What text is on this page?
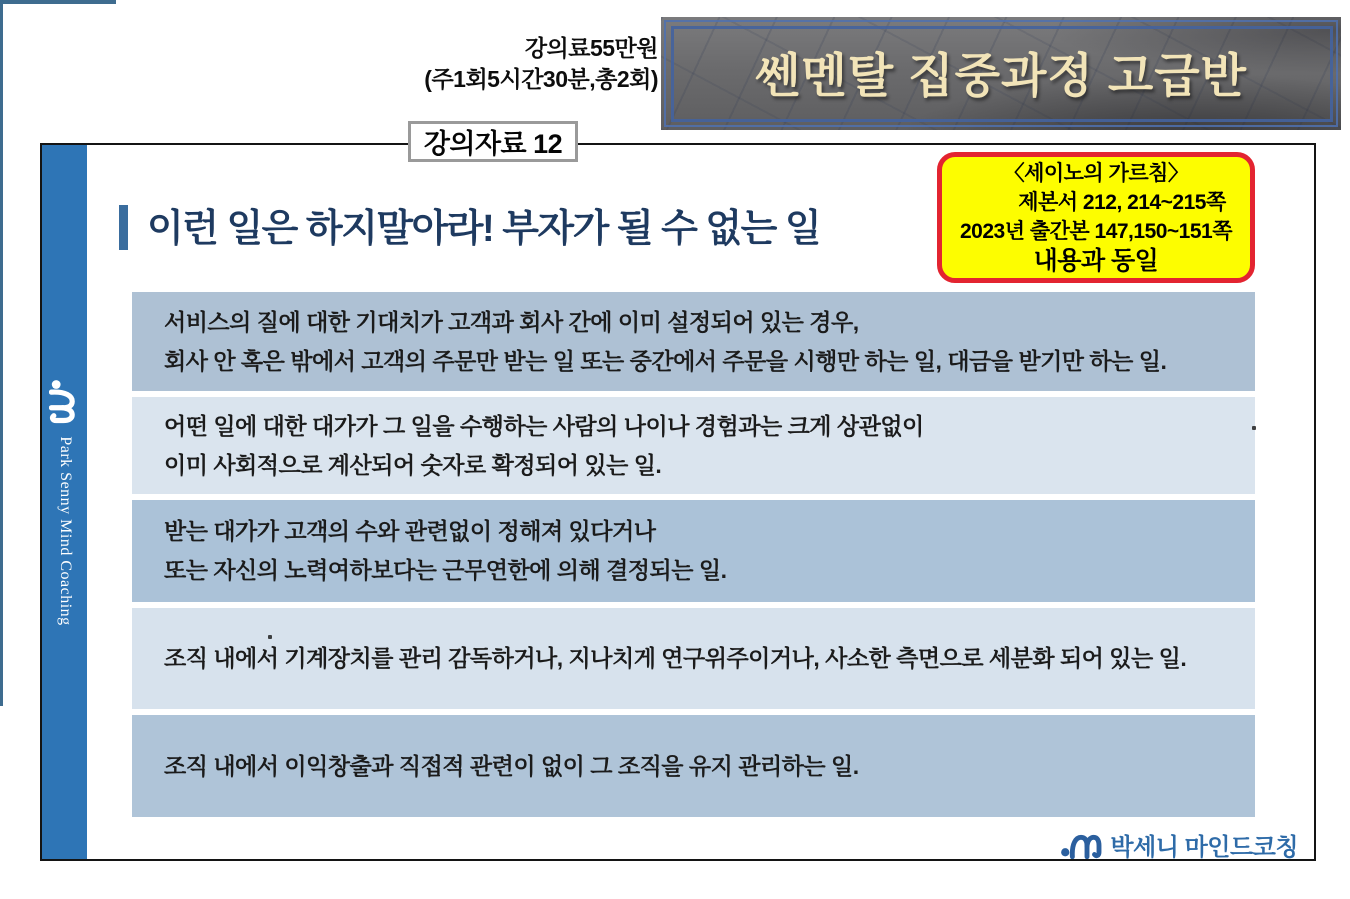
강의료55만원
(주1회5시간30분,총2회)	쎈멘탈 집중과정 고급반
강의자료 12
Park Senny Mind Coaching
이런 일은 하지말아라! 부자가 될 수 없는 일
〈세이노의 가르침〉
제본서 212, 214~215쪽
2023년 출간본 147,150~151쪽
내용과 동일
서비스의 질에 대한 기대치가 고객과 회사 간에 이미 설정되어 있는 경우,
회사 안 혹은 밖에서 고객의 주문만 받는 일 또는 중간에서 주문을 시행만 하는 일, 대금을 받기만 하는 일.
어떤 일에 대한 대가가 그 일을 수행하는 사람의 나이나 경험과는 크게 상관없이
이미 사회적으로 계산되어 숫자로 확정되어 있는 일.
받는 대가가 고객의 수와 관련없이 정해져 있다거나
또는 자신의 노력여하보다는 근무연한에 의해 결정되는 일.
조직 내에서 기계장치를 관리 감독하거나, 지나치게 연구위주이거나, 사소한 측면으로 세분화 되어 있는 일.
조직 내에서 이익창출과 직접적 관련이 없이 그 조직을 유지 관리하는 일.
박세니 마인드코칭
